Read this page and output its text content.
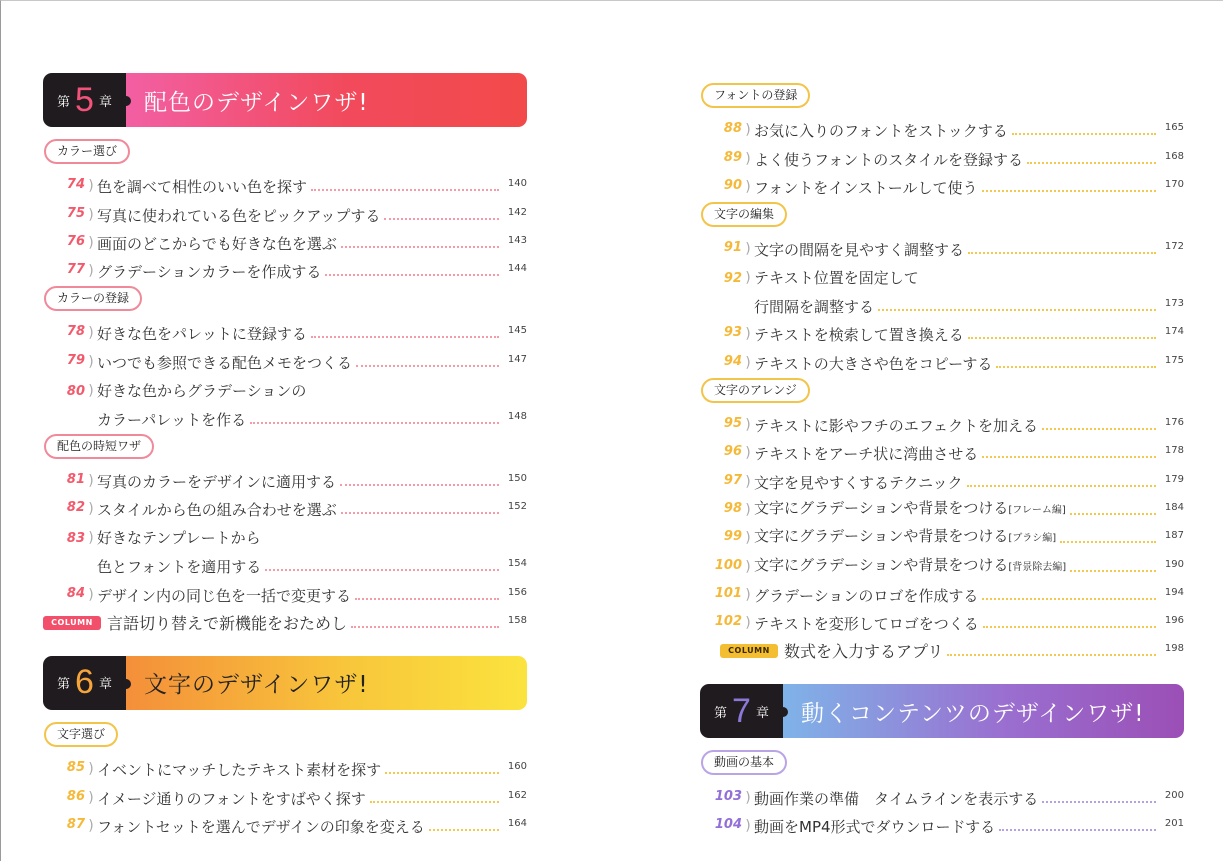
第 5 章	配色のデザインワザ!
カラー選び
74 ) 色を調べて相性のいい色を探す	140
75 ) 写真に使われている色をピックアップする	142
76 ) 画面のどこからでも好きな色を選ぶ	143
77 ) グラデーションカラーを作成する	144
カラーの登録
78 ) 好きな色をパレットに登録する	145
79 ) いつでも参照できる配色メモをつくる	147
80 ) 好きな色からグラデーションの
カラーパレットを作る	148
配色の時短ワザ
81 ) 写真のカラーをデザインに適用する	150
82 ) スタイルから色の組み合わせを選ぶ	152
83 ) 好きなテンプレートから
色とフォントを適用する	154
84 ) デザイン内の同じ色を一括で変更する	156
COLUMN 言語切り替えで新機能をおためし	158
第 6 章	文字のデザインワザ!
文字選び
85 ) イベントにマッチしたテキスト素材を探す	160
86 ) イメージ通りのフォントをすばやく探す	162
87 ) フォントセットを選んでデザインの印象を変える	164
フォントの登録
88 ) お気に入りのフォントをストックする	165
89 ) よく使うフォントのスタイルを登録する	168
90 ) フォントをインストールして使う	170
文字の編集
91 ) 文字の間隔を見やすく調整する	172
92 ) テキスト位置を固定して
行間隔を調整する	173
93 ) テキストを検索して置き換える	174
94 ) テキストの大きさや色をコピーする	175
文字のアレンジ
95 ) テキストに影やフチのエフェクトを加える	176
96 ) テキストをアーチ状に湾曲させる	178
97 ) 文字を見やすくするテクニック	179
98 ) 文字にグラデーションや背景をつける[フレーム編]	184
99 ) 文字にグラデーションや背景をつける[ブラシ編]	187
100 ) 文字にグラデーションや背景をつける[背景除去編]	190
101 ) グラデーションのロゴを作成する	194
102 ) テキストを変形してロゴをつくる	196
COLUMN 数式を入力するアプリ	198
第 7 章	動くコンテンツのデザインワザ!
動画の基本
103 ) 動画作業の準備　タイムラインを表示する	200
104 ) 動画をMP4形式でダウンロードする	201
